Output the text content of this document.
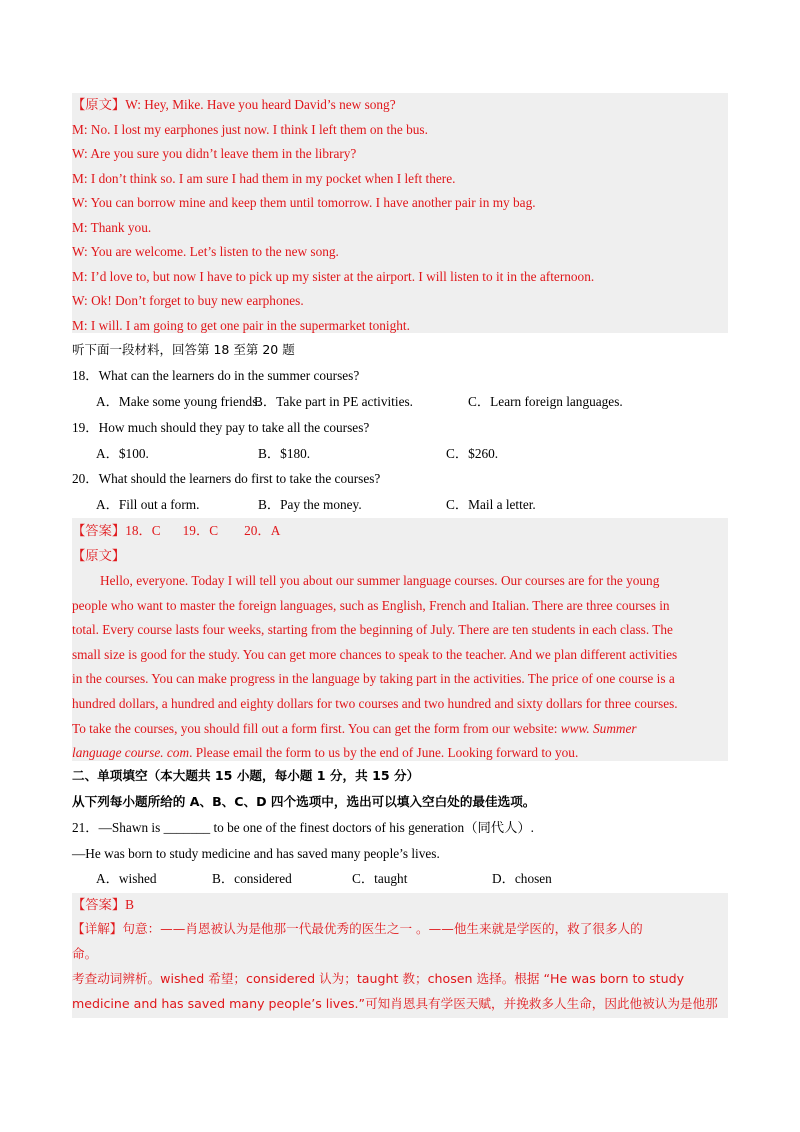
【原文】W: Hey, Mike. Have you heard David’s new song?
M: No. I lost my earphones just now. I think I left them on the bus.
W: Are you sure you didn’t leave them in the library?
M: I don’t think so. I am sure I had them in my pocket when I left there.
W: You can borrow mine and keep them until tomorrow. I have another pair in my bag.
M: Thank you.
W: You are welcome. Let’s listen to the new song.
M: I’d love to, but now I have to pick up my sister at the airport. I will listen to it in the afternoon.
W: Ok! Don’t forget to buy new earphones.
M: I will. I am going to get one pair in the supermarket tonight.
听下面一段材料，回答第 18 至第 20 题
18．What can the learners do in the summer courses?
A．Make some young friends.
B．Take part in PE activities.	C．Learn foreign languages.
19．How much should they pay to take all the courses?
A．$100.	B．$180.	C．$260.
20．What should the learners do first to take the courses?
A．Fill out a form.	B．Pay the money.	C．Mail a letter.
【答案】18．C 19．C 20．A
【原文】
Hello, everyone. Today I will tell you about our summer language courses. Our courses are for the young
people who want to master the foreign languages, such as English, French and Italian. There are three courses in
total. Every course lasts four weeks, starting from the beginning of July. There are ten students in each class. The
small size is good for the study. You can get more chances to speak to the teacher. And we plan different activities
in the courses. You can make progress in the language by taking part in the activities. The price of one course is a
hundred dollars, a hundred and eighty dollars for two courses and two hundred and sixty dollars for three courses.
To take the courses, you should fill out a form first. You can get the form from our website: www. Summer
language course. com. Please email the form to us by the end of June. Looking forward to you.
二、单项填空（本大题共 15 小题，每小题 1 分，共 15 分）
从下列每小题所给的 A、B、C、D 四个选项中，选出可以填入空白处的最佳选项。
21．—Shawn is _______ to be one of the finest doctors of his generation（同代人）.
—He was born to study medicine and has saved many people’s lives.
A．wished	B．considered	C．taught	D．chosen
【答案】B
【详解】句意：——肖恩被认为是他那一代最优秀的医生之一 。——他生来就是学医的，救了很多人的
命。
考查动词辨析。wished 希望；considered 认为；taught 教；chosen 选择。根据 “He was born to study
medicine and has saved many people’s lives.”可知肖恩具有学医天赋，并挽救多人生命，因此他被认为是他那
